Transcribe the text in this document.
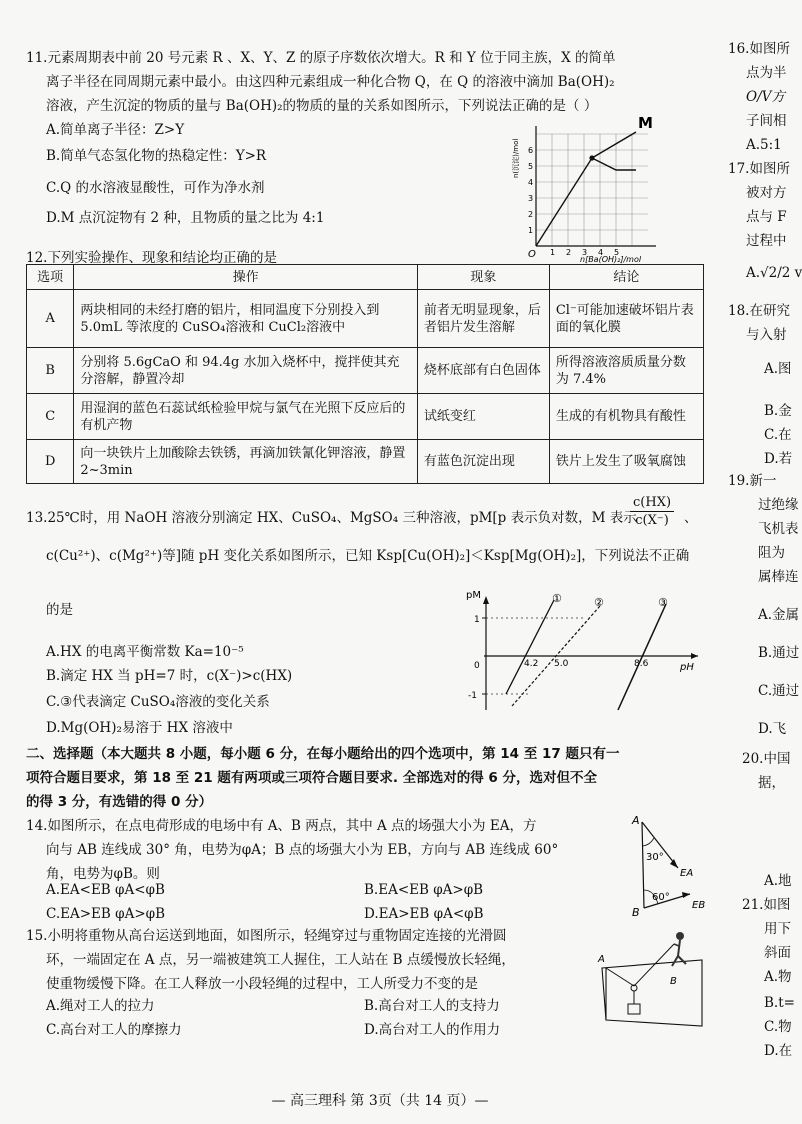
11.元素周期表中前 20 号元素 R 、X、Y、Z 的原子序数依次增大。R 和 Y 位于同主族，X 的简单
离子半径在同周期元素中最小。由这四种元素组成一种化合物 Q，在 Q 的溶液中滴加 Ba(OH)₂
溶液，产生沉淀的物质的量与 Ba(OH)₂的物质的量的关系如图所示，下列说法正确的是（ ）
A.简单离子半径：Z>Y
B.简单气态氢化物的热稳定性：Y>R
C.Q 的水溶液显酸性，可作为净水剂
D.M 点沉淀物有 2 种，且物质的量之比为 4:1
M
O 1 2 3 4 5
1
2
3
4
5
6
n(沉淀)/mol
n[Ba(OH)₂]/mol
12.下列实验操作、现象和结论均正确的是
选项	操作	现象	结论
A	两块相同的未经打磨的铝片，相同温度下分别投入到 5.0mL 等浓度的 CuSO₄溶液和 CuCl₂溶液中	前者无明显现象，后者铝片发生溶解	Cl⁻可能加速破坏铝片表面的氧化膜
B	分别将 5.6gCaO 和 94.4g 水加入烧杯中，搅拌使其充分溶解，静置冷却	烧杯底部有白色固体	所得溶液溶质质量分数为 7.4%
C	用湿润的蓝色石蕊试纸检验甲烷与氯气在光照下反应后的有机产物	试纸变红	生成的有机物具有酸性
D	向一块铁片上加酸除去铁锈，再滴加铁氰化钾溶液，静置 2~3min	有蓝色沉淀出现	铁片上发生了吸氧腐蚀
13.25℃时，用 NaOH 溶液分别滴定 HX、CuSO₄、MgSO₄ 三种溶液，pM[p 表示负对数，M 表示
$\frac{c(HX)}{c(X^-)}$ 、
c(Cu²⁺)、c(Mg²⁺)等]随 pH 变化关系如图所示，已知 Ksp[Cu(OH)₂]＜Ksp[Mg(OH)₂]，下列说法不正确
的是
A.HX 的电离平衡常数 Ka=10⁻⁵
B.滴定 HX 当 pH=7 时，c(X⁻)>c(HX)
C.③代表滴定 CuSO₄溶液的变化关系
D.Mg(OH)₂易溶于 HX 溶液中
pM
pH
0
1
-1
4.2 5.0	8.6
①	②	③
二、选择题（本大题共 8 小题，每小题 6 分，在每小题给出的四个选项中，第 14 至 17 题只有一
项符合题目要求，第 18 至 21 题有两项或三项符合题目要求. 全部选对的得 6 分，选对但不全
的得 3 分，有选错的得 0 分）
14.如图所示，在点电荷形成的电场中有 A、B 两点，其中 A 点的场强大小为 EA，方
向与 AB 连线成 30° 角，电势为φA；B 点的场强大小为 EB，方向与 AB 连线成 60°
角，电势为φB。则
A.EA<EB φA<φB	B.EA<EB φA>φB
C.EA>EB φA>φB	D.EA>EB φA<φB
A
B
EA
EB
30°
60°
15.小明将重物从高台运送到地面，如图所示，轻绳穿过与重物固定连接的光滑圆
环，一端固定在 A 点，另一端被建筑工人握住，工人站在 B 点缓慢放长轻绳，
使重物缓慢下降。在工人释放一小段轻绳的过程中，工人所受力不变的是
A.绳对工人的拉力	B.高台对工人的支持力
C.高台对工人的摩擦力	D.高台对工人的作用力
A
B
16.如图所
点为半
O/V方
子间相
A.5:1
17.如图所
被对方
点与 F
过程中
A.√2/2 v
18.在研究
与入射
A.图
B.金
C.在
D.若
19.新一
过绝缘
飞机表
阻为
属棒连
A.金属
B.通过
C.通过
D.飞
20.中国
据，
A.地
21.如图
用下
斜面
A.物
B.t=
C.物
D.在
— 高三理科 第 3页（共 14 页）—
